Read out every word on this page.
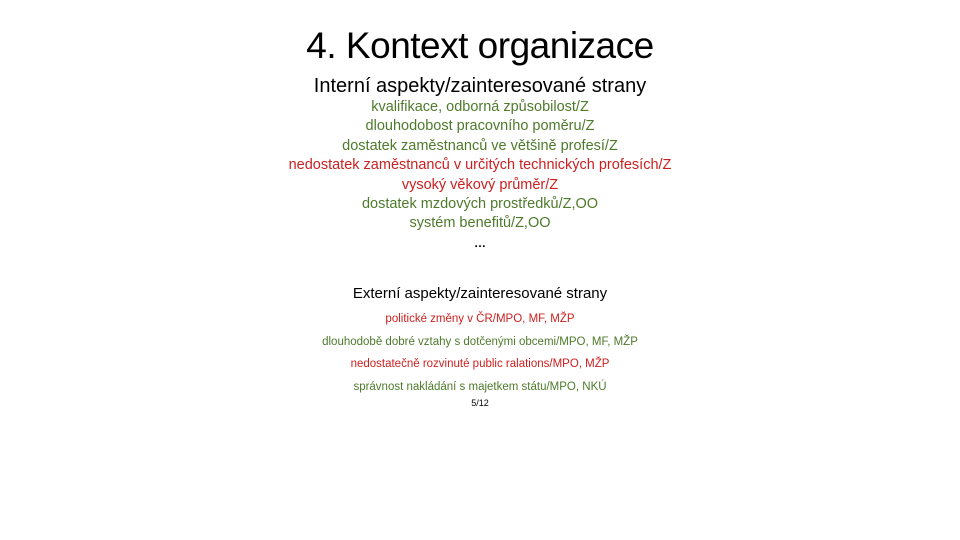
4. Kontext organizace
Interní aspekty/zainteresované strany
kvalifikace, odborná způsobilost/Z
dlouhodobost pracovního poměru/Z
dostatek zaměstnanců ve většině profesí/Z
nedostatek zaměstnanců v určitých technických profesích/Z
vysoký věkový průměr/Z
dostatek mzdových prostředků/Z,OO
systém benefitů/Z,OO
…
Externí aspekty/zainteresované strany
politické změny v ČR/MPO, MF, MŽP
dlouhodobě dobré vztahy s dotčenými obcemi/MPO, MF, MŽP
nedostatečně rozvinuté public ralations/MPO, MŽP
správnost nakládání s majetkem státu/MPO, NKÚ
5/12
